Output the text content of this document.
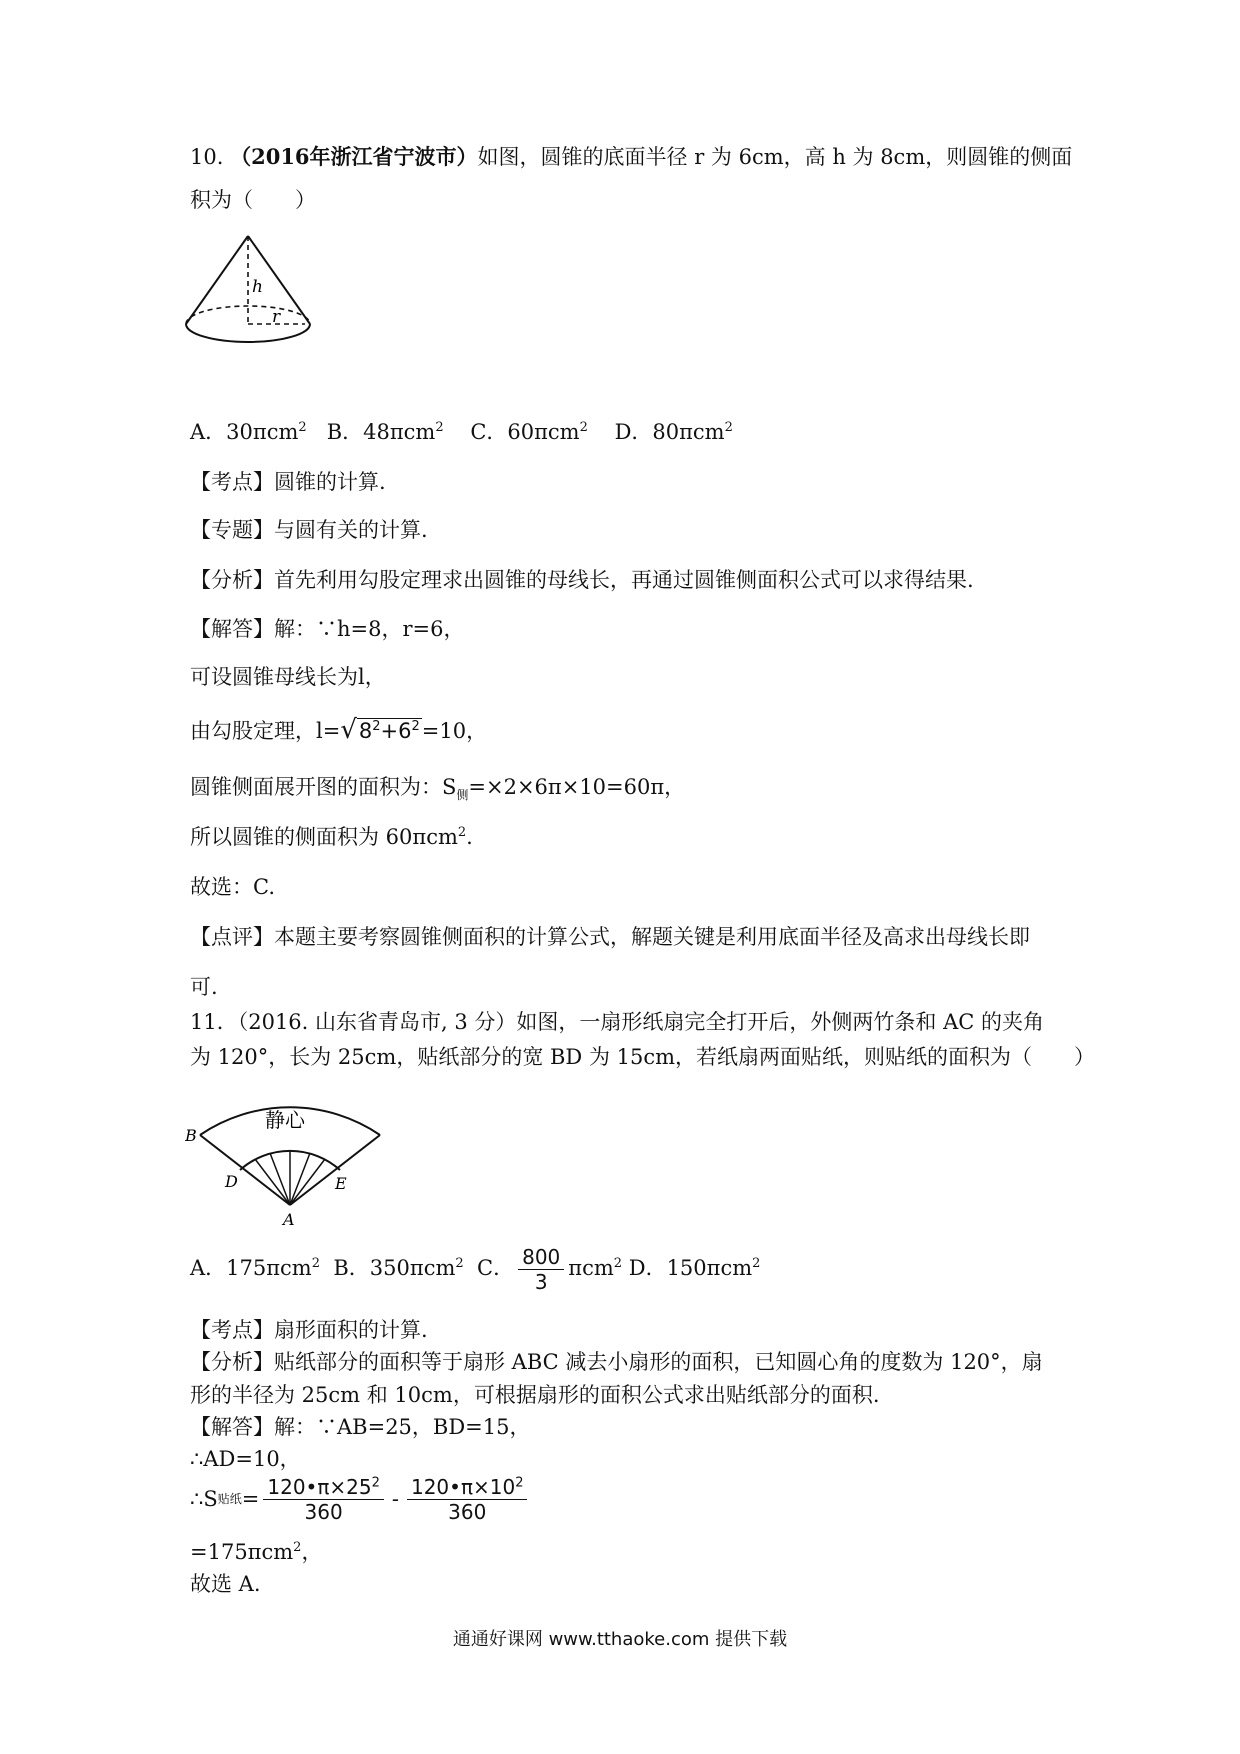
10. （2016年浙江省宁波市）如图，圆锥的底面半径 r 为 6cm，高 h 为 8cm，则圆锥的侧面
积为（　　）
h
r
A．30πcm$^2$ B．48πcm$^2$ C．60πcm$^2$ D．80πcm$^2$
【考点】圆锥的计算.
【专题】与圆有关的计算.
【分析】首先利用勾股定理求出圆锥的母线长，再通过圆锥侧面积公式可以求得结果.
【解答】解：∵h=8，r=6，
可设圆锥母线长为l，
由勾股定理，$l=√8^2+6^2=10$，
圆锥侧面展开图的面积为：$S_侧=\times 2\times 6\pi\times 10=60\pi$，
所以圆锥的侧面积为 60πcm$^2$.
故选：C.
【点评】本题主要考察圆锥侧面积的计算公式，解题关键是利用底面半径及高求出母线长即
可.
11．（2016. 山东省青岛市, 3 分）如图，一扇形纸扇完全打开后，外侧两竹条和 AC 的夹角
为 120°，长为 25cm，贴纸部分的宽 BD 为 15cm，若纸扇两面贴纸，则贴纸的面积为（　　）
静心
B
D	E
A
A．175πcm$^2$ B．350πcm$^2$ C． $\frac{800}{3} \pi cm^2$ D．150πcm$^2$
【考点】扇形面积的计算.
【分析】贴纸部分的面积等于扇形 ABC 减去小扇形的面积，已知圆心角的度数为 120°，扇
形的半径为 25cm 和 10cm，可根据扇形的面积公式求出贴纸部分的面积.
【解答】解：∵AB=25，BD=15，
∴AD=10，
∴S 贴纸 = $\frac{120•\pi\times 25^2}{360} - \frac{120•\pi\times 10^2}{360}$
=175πcm$^2$，
故选 A.
通通好课网 www.tthaoke.com 提供下载
